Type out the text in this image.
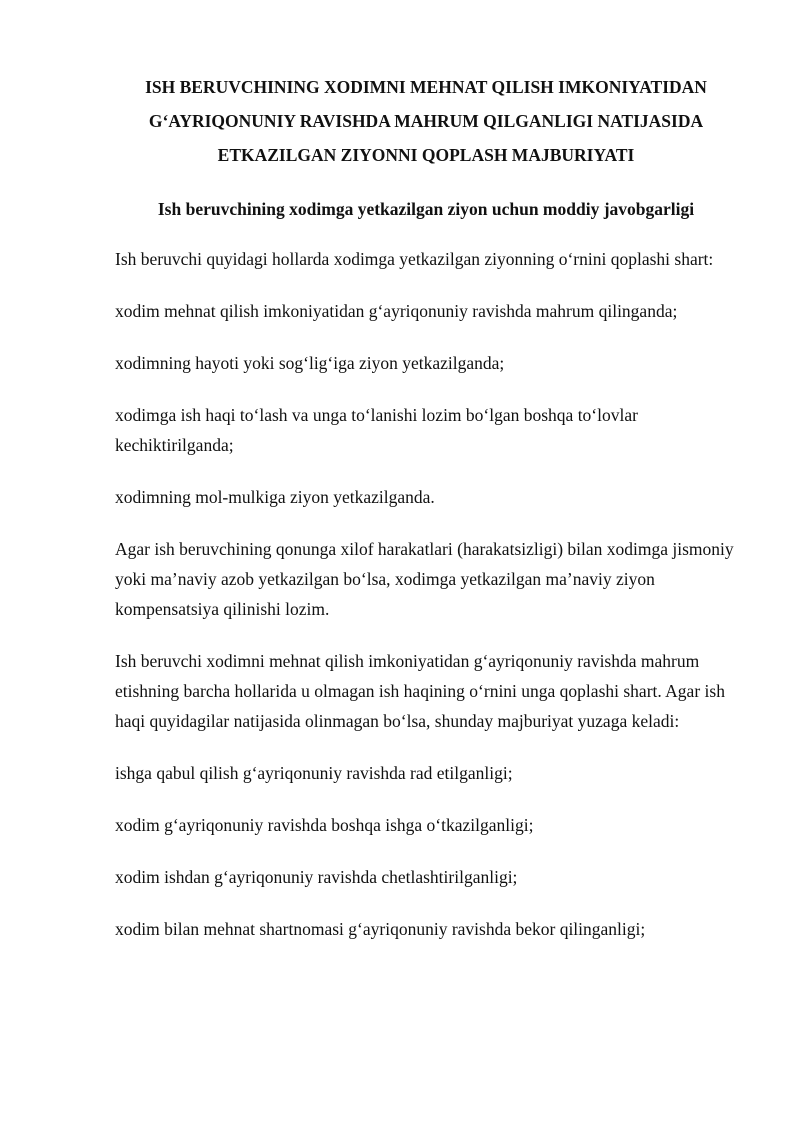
ISH BERUVCHINING XODIMNI MEHNAT QILISH IMKONIYATIDAN
G‘AYRIQONUNIY RAVISHDA MAHRUM QILGANLIGI NATIJASIDA
ETKAZILGAN ZIYONNI QOPLASH MAJBURIYATI
Ish beruvchining xodimga yetkazilgan ziyon uchun moddiy javobgarligi

Ish beruvchi quyidagi hollarda xodimga yetkazilgan ziyonning o‘rnini qoplashi shart:

xodim mehnat qilish imkoniyatidan g‘ayriqonuniy ravishda mahrum qilinganda;

xodimning hayoti yoki sog‘lig‘iga ziyon yetkazilganda;

xodimga ish haqi to‘lash va unga to‘lanishi lozim bo‘lgan boshqa to‘lovlar kechiktirilganda;

xodimning mol-mulkiga ziyon yetkazilganda.

Agar ish beruvchining qonunga xilof harakatlari (harakatsizligi) bilan xodimga jismoniy yoki ma’naviy azob yetkazilgan bo‘lsa, xodimga yetkazilgan ma’naviy ziyon kompensatsiya qilinishi lozim.

Ish beruvchi xodimni mehnat qilish imkoniyatidan g‘ayriqonuniy ravishda mahrum etishning barcha hollarida u olmagan ish haqining o‘rnini unga qoplashi shart. Agar ish haqi quyidagilar natijasida olinmagan bo‘lsa, shunday majburiyat yuzaga keladi:

ishga qabul qilish g‘ayriqonuniy ravishda rad etilganligi;

xodim g‘ayriqonuniy ravishda boshqa ishga o‘tkazilganligi;

xodim ishdan g‘ayriqonuniy ravishda chetlashtirilganligi;

xodim bilan mehnat shartnomasi g‘ayriqonuniy ravishda bekor qilinganligi;
